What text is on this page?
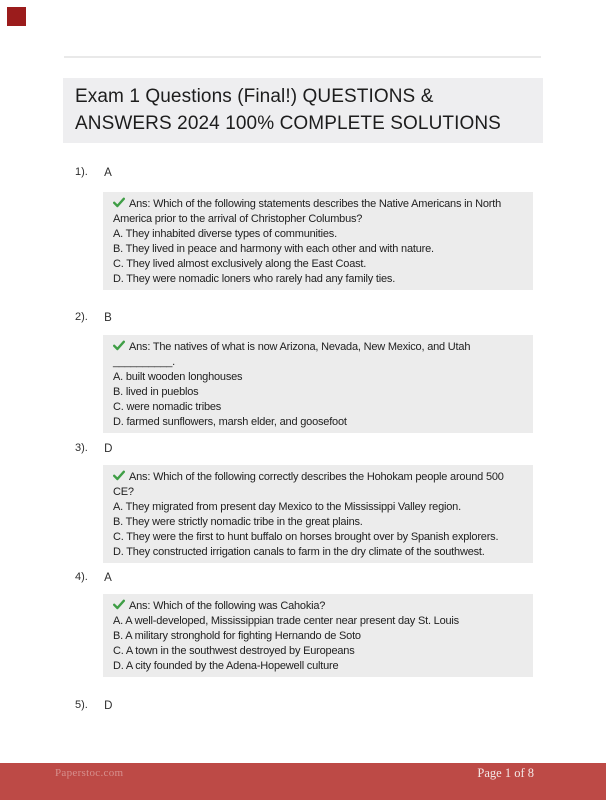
Exam 1 Questions (Final!) QUESTIONS &
ANSWERS 2024 100% COMPLETE SOLUTIONS
1). A
Ans: Which of the following statements describes the Native Americans in North America prior to the arrival of Christopher Columbus?
A. They inhabited diverse types of communities.
B. They lived in peace and harmony with each other and with nature.
C. They lived almost exclusively along the East Coast.
D. They were nomadic loners who rarely had any family ties.
2). B
Ans: The natives of what is now Arizona, Nevada, New Mexico, and Utah __________.
A. built wooden longhouses
B. lived in pueblos
C. were nomadic tribes
D. farmed sunflowers, marsh elder, and goosefoot
3). D
Ans: Which of the following correctly describes the Hohokam people around 500 CE?
A. They migrated from present day Mexico to the Mississippi Valley region.
B. They were strictly nomadic tribe in the great plains.
C. They were the first to hunt buffalo on horses brought over by Spanish explorers.
D. They constructed irrigation canals to farm in the dry climate of the southwest.
4). A
Ans: Which of the following was Cahokia?
A. A well-developed, Mississippian trade center near present day St. Louis
B. A military stronghold for fighting Hernando de Soto
C. A town in the southwest destroyed by Europeans
D. A city founded by the Adena-Hopewell culture
5). D
Paperstoc.com	Page 1 of 8
